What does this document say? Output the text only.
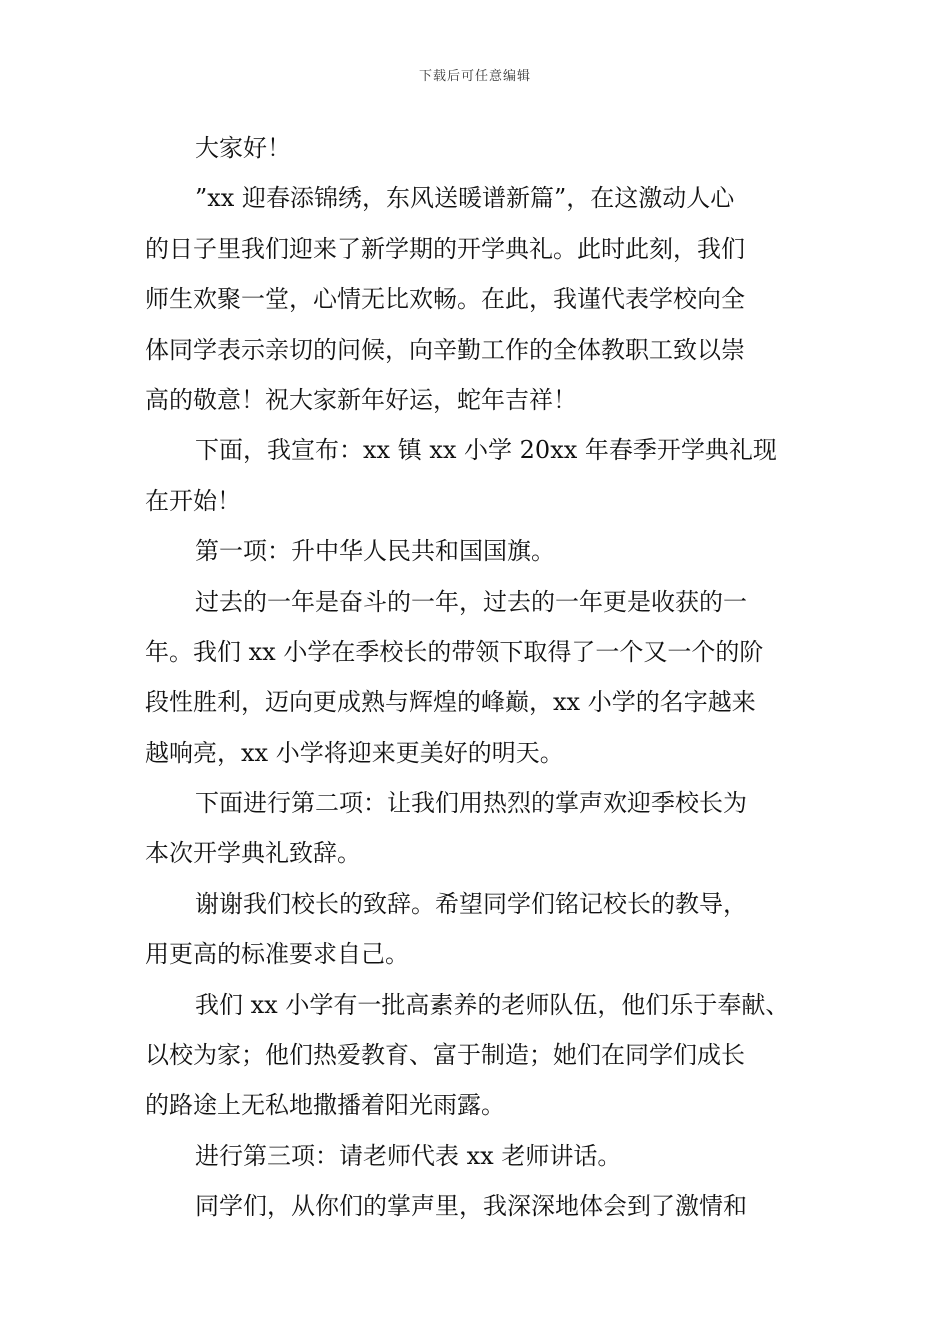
下载后可任意编辑
大家好！
”xx 迎春添锦绣，东风送暖谱新篇”，在这激动人心
的日子里我们迎来了新学期的开学典礼。此时此刻，我们
师生欢聚一堂，心情无比欢畅。在此，我谨代表学校向全
体同学表示亲切的问候，向辛勤工作的全体教职工致以崇
高的敬意！祝大家新年好运，蛇年吉祥！
下面，我宣布：xx 镇 xx 小学 20xx 年春季开学典礼现
在开始！
第一项：升中华人民共和国国旗。
过去的一年是奋斗的一年，过去的一年更是收获的一
年。我们 xx 小学在季校长的带领下取得了一个又一个的阶
段性胜利，迈向更成熟与辉煌的峰巅，xx 小学的名字越来
越响亮，xx 小学将迎来更美好的明天。
下面进行第二项：让我们用热烈的掌声欢迎季校长为
本次开学典礼致辞。
谢谢我们校长的致辞。希望同学们铭记校长的教导，
用更高的标准要求自己。
我们 xx 小学有一批高素养的老师队伍，他们乐于奉献、
以校为家；他们热爱教育、富于制造；她们在同学们成长
的路途上无私地撒播着阳光雨露。
进行第三项：请老师代表 xx 老师讲话。
同学们，从你们的掌声里，我深深地体会到了激情和
